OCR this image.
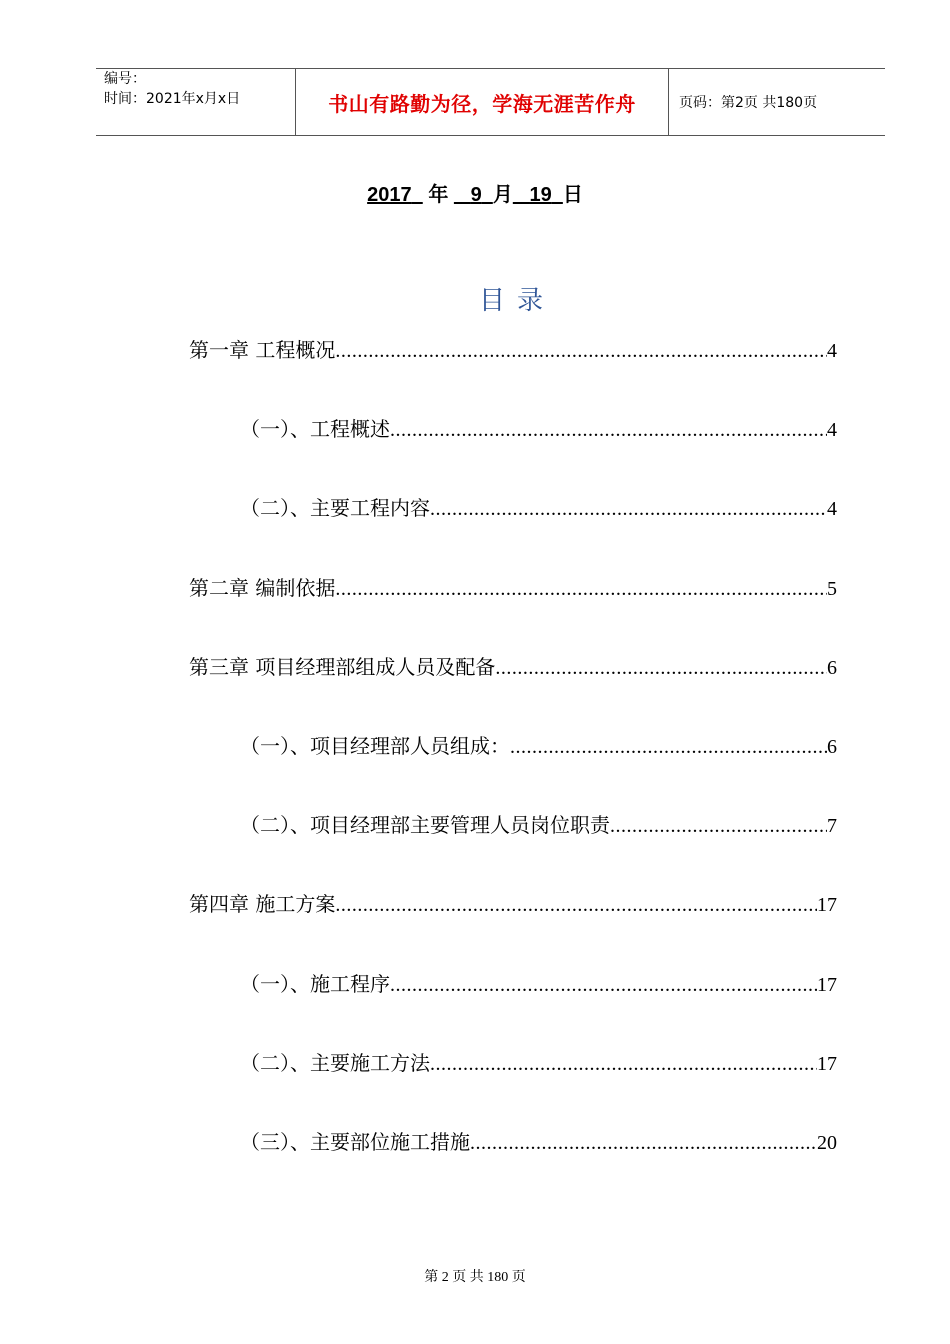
编号：
时间：2021年x月x日	书山有路勤为径，学海无涯苦作舟	页码：第2页 共180页
2017 年 9 月 19 日
目录
第一章 工程概况 .....	4
（一）、工程概述 .....	4
（二）、主要工程内容 .....	4
第二章 编制依据 .....	5
第三章 项目经理部组成人员及配备 .....	6
（一）、项目经理部人员组成： .....	6
（二）、项目经理部主要管理人员岗位职责 .....	7
第四章 施工方案 .....	17
（一）、施工程序 .....	17
（二）、主要施工方法 .....	17
（三）、主要部位施工措施 .....	20
第 2 页 共 180 页
